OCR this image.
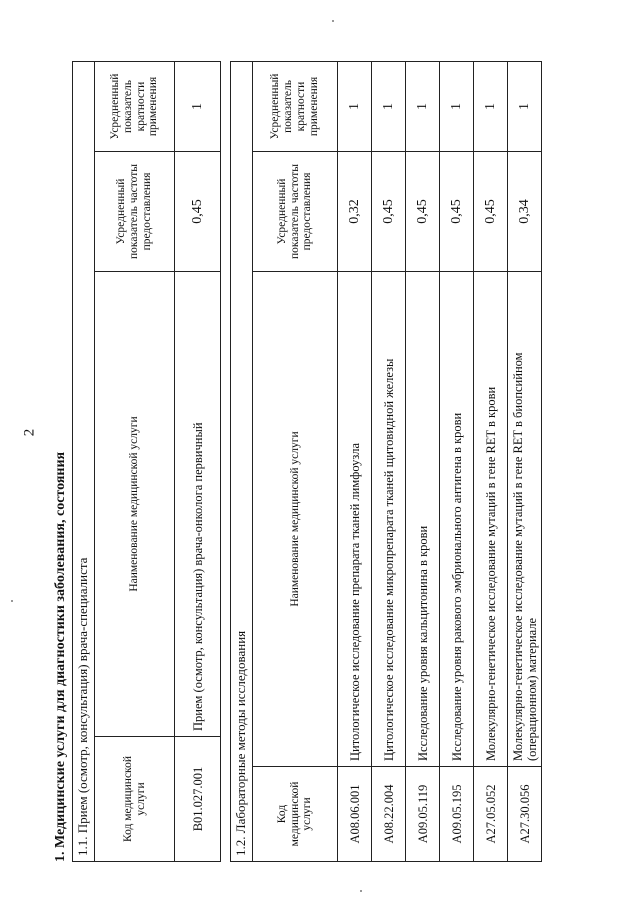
2
1. Медицинские услуги для диагностики заболевания, состояния 1.1. Прием (осмотр, консультация) врача-специалиста			
Код медицинской услуги	Наименование медицинской услуги	Усредненный показатель частоты предоставления	Усредненный показатель кратности применения
B01.027.001	Прием (осмотр, консультация) врача-онколога первичный	0,45	1
1.2. Лабораторные методы исследования			
Код медицинской услуги	Наименование медицинской услуги	Усредненный показатель частоты предоставления	Усредненный показатель кратности применения
A08.06.001	Цитологическое исследование препарата тканей лимфоузла	0,32	1
A08.22.004	Цитологическое исследование микропрепарата тканей щитовидной железы	0,45	1
A09.05.119	Исследование уровня кальцитонина в крови	0,45	1
A09.05.195	Исследование уровня ракового эмбрионального антигена в крови	0,45	1
A27.05.052	Молекулярно-генетическое исследование мутаций в гене RET в крови	0,45	1
A27.30.056	Молекулярно-генетическое исследование мутаций в гене RET в биопсийном (операционном) материале	0,34	1
